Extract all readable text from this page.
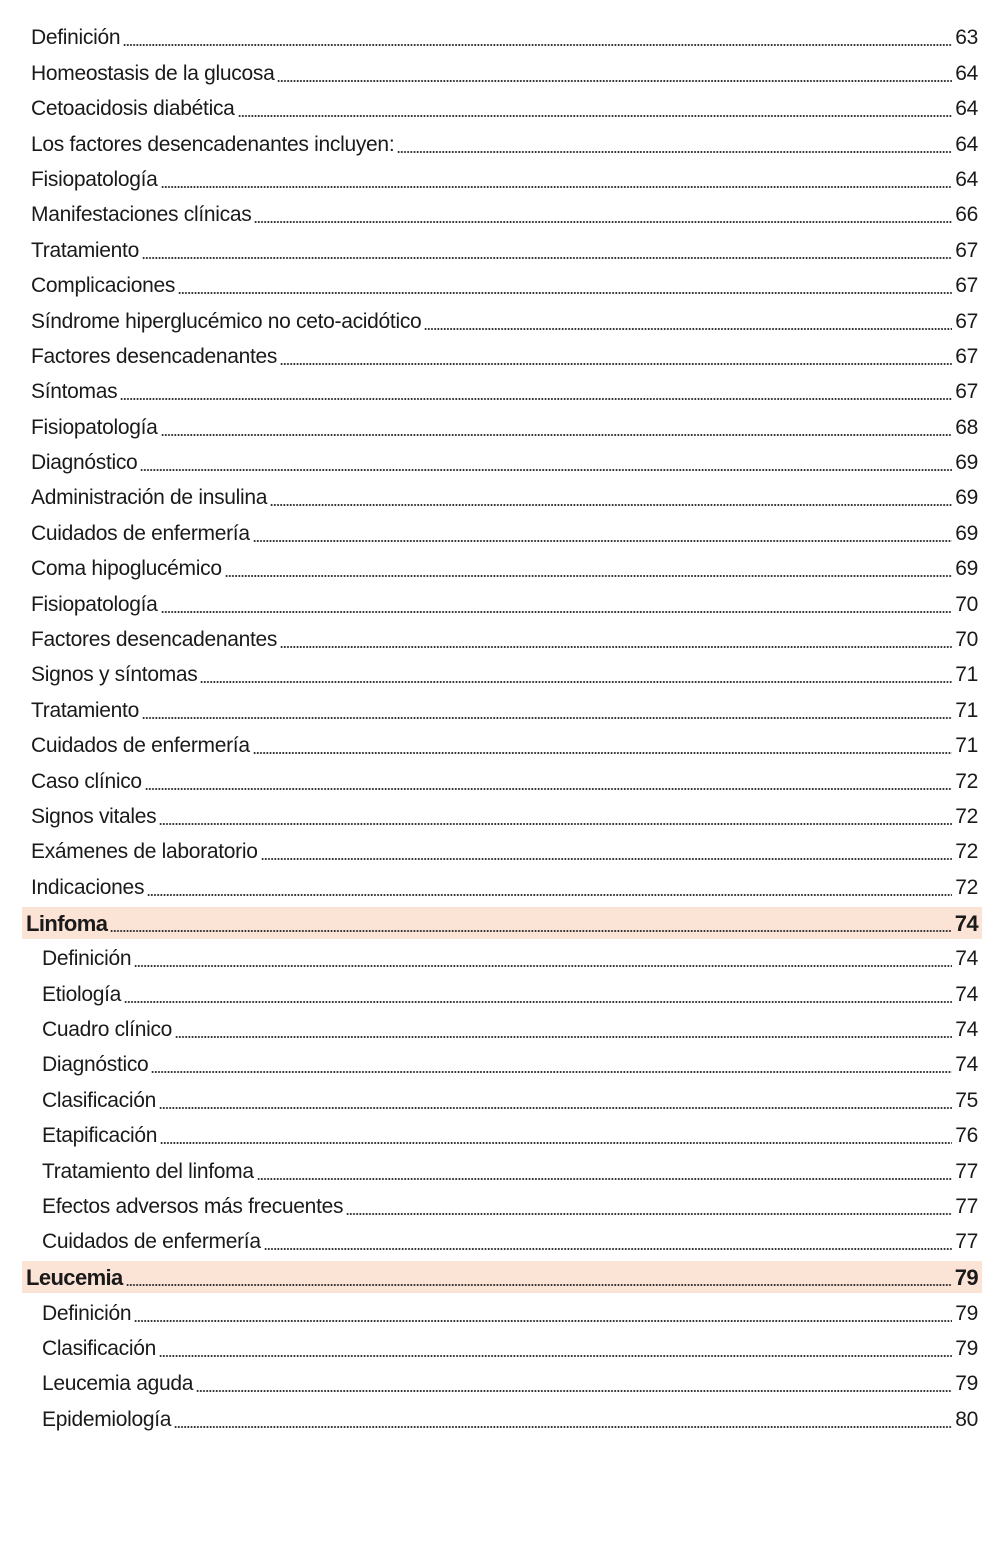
Definición	63
Homeostasis de la glucosa	64
Cetoacidosis diabética	64
Los factores desencadenantes incluyen:	64
Fisiopatología	64
Manifestaciones clínicas	66
Tratamiento	67
Complicaciones	67
Síndrome hiperglucémico no ceto-acidótico	67
Factores desencadenantes	67
Síntomas	67
Fisiopatología	68
Diagnóstico	69
Administración de insulina	69
Cuidados de enfermería	69
Coma hipoglucémico	69
Fisiopatología	70
Factores desencadenantes	70
Signos y síntomas	71
Tratamiento	71
Cuidados de enfermería	71
Caso clínico	72
Signos vitales	72
Exámenes de laboratorio	72
Indicaciones	72
Linfoma	74
Definición	74
Etiología	74
Cuadro clínico	74
Diagnóstico	74
Clasificación	75
Etapificación	76
Tratamiento del linfoma	77
Efectos adversos más frecuentes	77
Cuidados de enfermería	77
Leucemia	79
Definición	79
Clasificación	79
Leucemia aguda	79
Epidemiología	80
